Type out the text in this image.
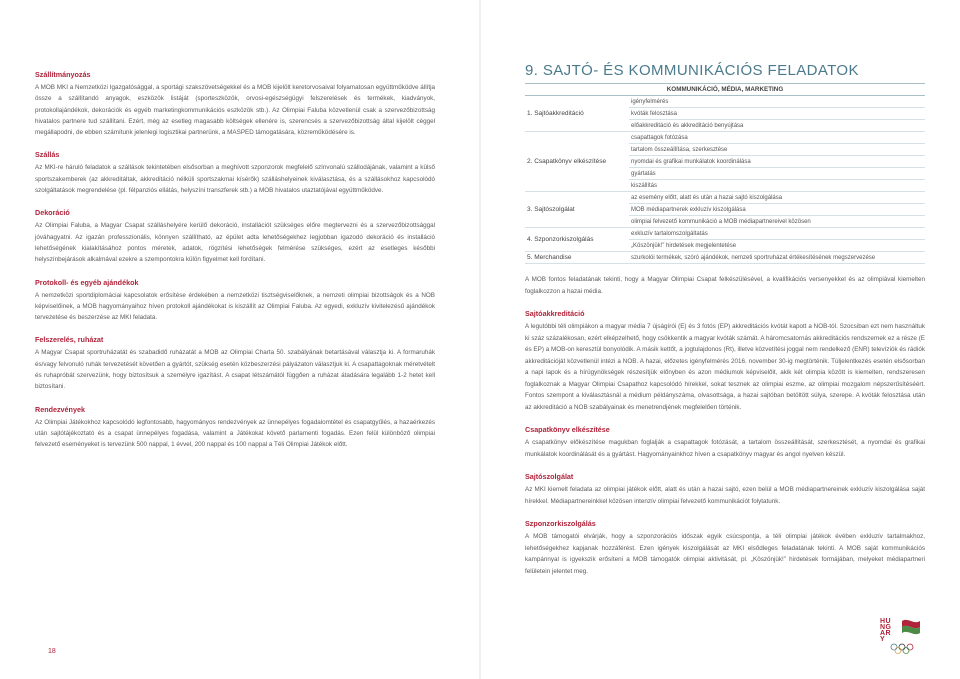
Szállítmányozás

A MOB MKI a Nemzetközi Igazgatósággal, a sportági szakszövetségekkel és a MOB kijelölt keretorvosaival folyamatosan együttműködve állítja össze a szállítandó anyagok, eszközök listáját (sporteszközök, orvosi-egészségügyi felszerelések és termékek, kiadványok, protokollajándékok, dekorációk és egyéb marketingkommunikációs eszközök stb.). Az Olimpiai Faluba közvetlenül csak a szervezőbizottság hivatalos partnere tud szállítani. Ezért, még az esetleg magasabb költségek ellenére is, szerencsés a szervezőbizottság által kijelölt céggel megállapodni, de ebben számítunk jelenlegi logisztikai partnerünk, a MASPED támogatására, közreműködésére is.

Szállás

Az MKI-re háruló feladatok a szállások tekintetében elsősorban a meghívott szponzorok megfelelő színvonalú szállodájának, valamint a külső sportszakemberek (az akkreditáltak, akkreditáció nélküli sportszakmai kísérők) szálláshelyeinek kiválasztása, és a szállásokhoz kapcsolódó szolgáltatások megrendelése (pl. félpanziós ellátás, helyszíni transzferek stb.) a MOB hivatalos utaztatójával együttműködve.

Dekoráció

Az Olimpiai Faluba, a Magyar Csapat szálláshelyére kerülő dekoráció, installációt szükséges előre megtervezni és a szervezőbizottsággal jóváhagyatni. Az igazán professzionális, könnyen szállítható, az épület adta lehetőségekhez legjobban igazodó dekoráció és installáció lehetőségének kialakításához pontos méretek, adatok, rögzítési lehetőségek felmérése szükséges, ezért az esetleges későbbi helyszínbejárások alkalmával ezekre a szempontokra külön figyelmet kell fordítani.

Protokoll- és egyéb ajándékok

A nemzetközi sportdiplomáciai kapcsolatok erősítése érdekében a nemzetközi tisztségviselőknek, a nemzeti olimpiai bizottságok és a NOB képviselőinek, a MOB hagyományaihoz híven protokoll ajándékokat is kiszállít az Olimpiai Faluba. Az egyedi, exkluzív kivitelezésű ajándékok tervezetése és beszerzése az MKI feladata.

Felszerelés, ruházat

A Magyar Csapat sportruházatát és szabadidő ruházatát a MOB az Olimpiai Charta 50. szabályának betartásával választja ki. A formaruhák és/vagy felvonuló ruhák tervezetését követően a gyártót, szükség esetén közbeszerzési pályázaton választjuk ki. A csapattagoknak méretvételt és ruhapróbát szervezünk, hogy biztosítsuk a személyre igazítást. A csapat létszámától függően a ruházat átadására legalább 1-2 hetet kell biztosítani.

Rendezvények

Az Olimpiai Játékokhoz kapcsolódó legfontosabb, hagyományos rendezvények az ünnepélyes fogadalomtétel és csapatgyűlés, a hazaérkezés után sajtótájékoztató és a csapat ünnepélyes fogadása, valamint a Játékokat követő parlamenti fogadás. Ezen felül különböző olimpiai felvezető eseményeket is tervezünk 500 nappal, 1 évvel, 200 nappal és 100 nappal a Téli Olimpiai Játékok előtt.

9. SAJTÓ- ÉS KOMMUNIKÁCIÓS FELADATOK
KOMMUNIKÁCIÓ, MÉDIA, MARKETING	
1. Sajtóakkreditáció	igényfelmérés
	kvóták felosztása
	előakkreditáció és akkreditáció benyújtása
2. Csapatkönyv elkészítése	csapattagok fotózása
	tartalom összeállítása, szerkesztése
	nyomdai és grafikai munkálatok koordinálása
	gyártatás
	kiszállítás
3. Sajtószolgálat	az esemény előtt, alatt és után a hazai sajtó kiszolgálása
	MOB médiapartnerek exkluzív kiszolgálása
	olimpiai felvezető kommunikáció a MOB médiapartnereivel közösen
4. Szponzorkiszolgálás	exkluzív tartalomszolgáltatás
	„Köszönjük!” hirdetések megjelentetése
5. Merchandise	szurkolói termékek, szóró ajándékok, nemzeti sportruházat értékesítésének megszervezése

A MOB fontos feladatának tekinti, hogy a Magyar Olimpiai Csapat felkészülésével, a kvalifikációs versenyekkel és az olimpiával kiemelten foglalkozzon a hazai média.

Sajtóakkreditáció

A legutóbbi téli olimpiákon a magyar média 7 újságírói (E) és 3 fotós (EP) akkreditációs kvótát kapott a NOB-tól. Szocsiban ezt nem használtuk ki száz százalékosan, ezért elképzelhető, hogy csökkentik a magyar kvóták számát. A háromcsatornás akkreditációs rendszernek ez a része (E és EP) a MOB-on keresztül bonyolódik. A másik kettőt, a jogtulajdonos (Rt), illetve közvetítési joggal nem rendelkező (ENR) televíziók és rádiók akkreditációját közvetlenül intézi a NOB. A hazai, előzetes igényfelmérés 2016. november 30-ig megtörténik. Túljelentkezés esetén elsősorban a napi lapok és a hírügynökségek részesítjük előnyben és azon médiumok képviselőit, akik két olimpia között is kiemelten, rendszeresen foglalkoznak a Magyar Olimpiai Csapathoz kapcsolódó hírekkel, sokat tesznek az olimpiai eszme, az olimpiai mozgalom népszerűsítéséért. Fontos szempont a kiválasztásnál a médium példányszáma, olvasottsága, a hazai sajtóban betöltött súlya, szerepe. A kvóták felosztása után az akkreditáció a NOB szabályainak és menetrendjének megfelelően történik.

Csapatkönyv elkészítése

A csapatkönyv előkészítése magukban foglalják a csapattagok fotózását, a tartalom összeállítását, szerkesztését, a nyomdai és grafikai munkálatok koordinálását és a gyártást. Hagyományainkhoz híven a csapatkönyv magyar és angol nyelven készül.

Sajtószolgálat

Az MKI kiemelt feladata az olimpiai játékok előtt, alatt és után a hazai sajtó, ezen belül a MOB médiapartnereinek exkluzív kiszolgálása saját hírekkel. Médiapartnereinkkel közösen intenzív olimpiai felvezető kommunikációt folytatunk.

Szponzorkiszolgálás

A MOB támogatói elvárják, hogy a szponzorációs időszak egyik csúcspontja, a téli olimpiai játékok évében exkluzív tartalmakhoz, lehetőségekhez kapjanak hozzáférést. Ezen igények kiszolgálását az MKI elsődleges feladatának tekinti. A MOB saját kommunikációs kampánnyal is igyekszik erősíteni a MOB támogatók olimpiai aktivitását, pl. „Köszönjük!” hirdetések formájában, melyeket médiapartneri felületein jelentet meg.

18
HU
NG
AR
Y
